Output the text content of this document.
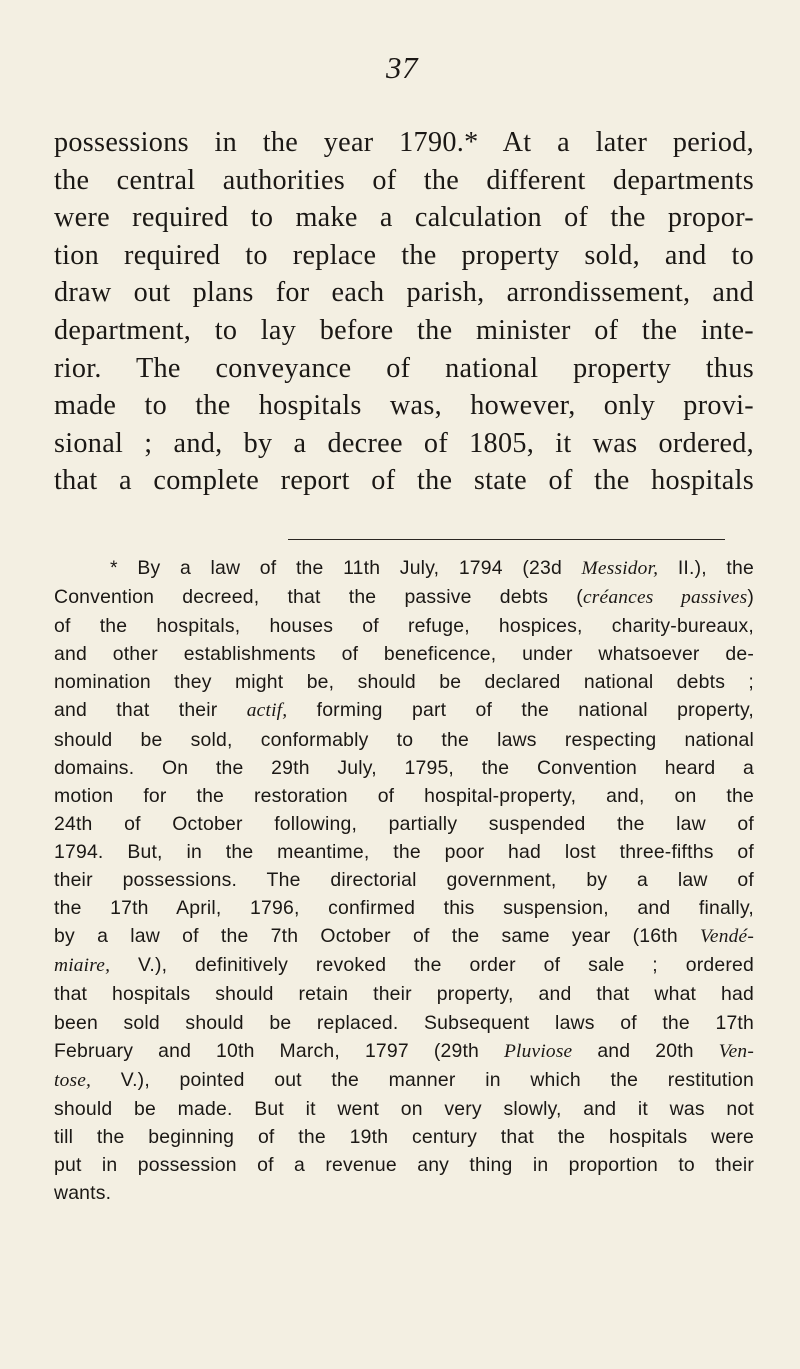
37
possessions in the year 1790.* At a later period,
the central authorities of the different departments
were required to make a calculation of the propor-
tion required to replace the property sold, and to
draw out plans for each parish, arrondissement, and
department, to lay before the minister of the inte-
rior. The conveyance of national property thus
made to the hospitals was, however, only provi-
sional ; and, by a decree of 1805, it was ordered,
that a complete report of the state of the hospitals
* By a law of the 11th July, 1794 (23d Messidor, II.), the
Convention decreed, that the passive debts (créances passives)
of the hospitals, houses of refuge, hospices, charity-bureaux,
and other establishments of beneficence, under whatsoever de-
nomination they might be, should be declared national debts ;
and that their actif, forming part of the national property,
should be sold, conformably to the laws respecting national
domains. On the 29th July, 1795, the Convention heard a
motion for the restoration of hospital-property, and, on the
24th of October following, partially suspended the law of
1794. But, in the meantime, the poor had lost three-fifths of
their possessions. The directorial government, by a law of
the 17th April, 1796, confirmed this suspension, and finally,
by a law of the 7th October of the same year (16th Vendé-
miaire, V.), definitively revoked the order of sale ; ordered
that hospitals should retain their property, and that what had
been sold should be replaced. Subsequent laws of the 17th
February and 10th March, 1797 (29th Pluviose and 20th Ven-
tose, V.), pointed out the manner in which the restitution
should be made. But it went on very slowly, and it was not
till the beginning of the 19th century that the hospitals were
put in possession of a revenue any thing in proportion to their
wants.
